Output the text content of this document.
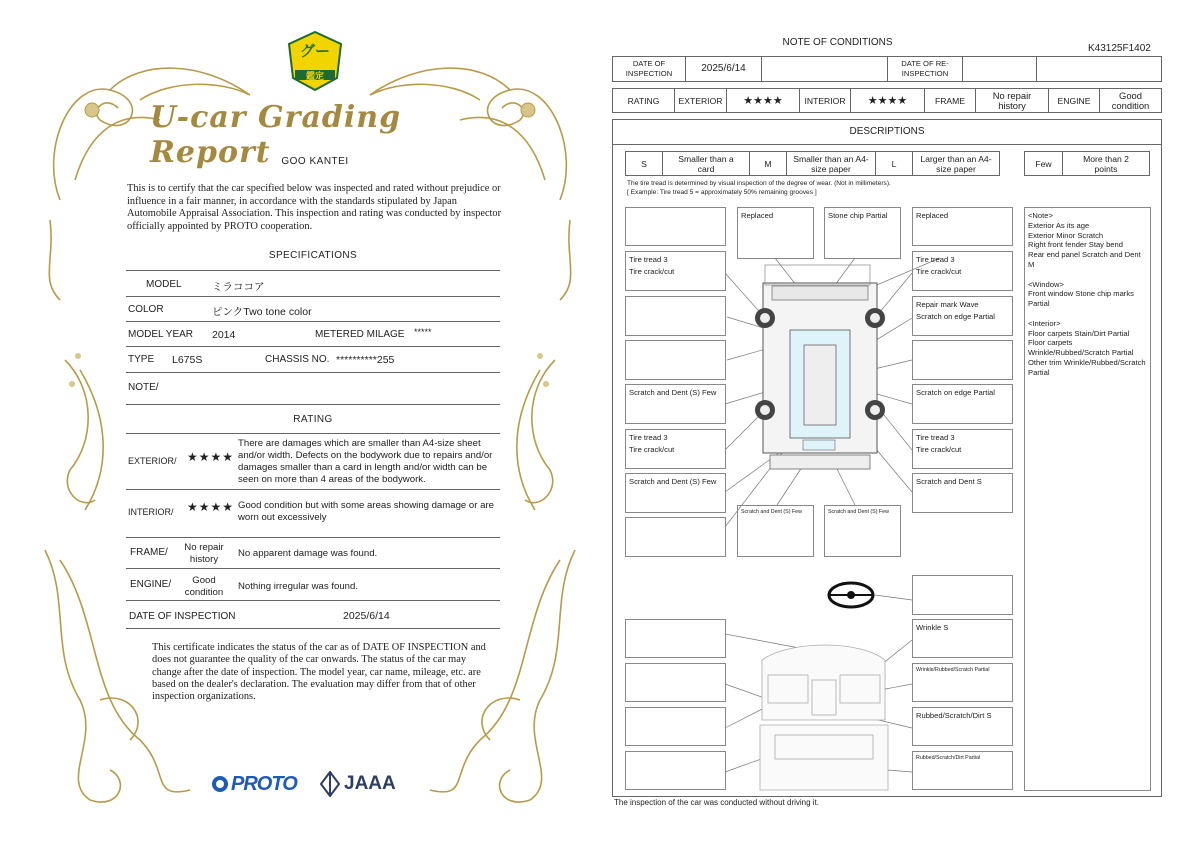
グー
鑑定
U-car Grading Report	GOO KANTEI
This is to certify that the car specified below was inspected and rated without prejudice or influence in a fair manner, in accordance with the standards stipulated by Japan Automobile Appraisal Association. This inspection and rating was conducted by inspector officially appointed by PROTO cooperation.
SPECIFICATIONS
MODEL	ミラココア
COLOR	ピンクTwo tone color
MODEL YEAR 2014	METERED MILAGE *****
TYPE L675S	CHASSIS NO. **********255
NOTE/
RATING
EXTERIOR/ ★★★★
There are damages which are smaller than A4-size sheet and/or width. Defects on the bodywork due to repairs and/or damages smaller than a card in length and/or width can be seen on more than 4 areas of the bodywork.
INTERIOR/ ★★★★ Good condition but with some areas showing damage or are worn out excessively
FRAME/	No repair history
No apparent damage was found.
ENGINE/	Good condition
Nothing irregular was found.
DATE OF INSPECTION	2025/6/14
This certificate indicates the status of the car as of DATE OF INSPECTION and does not guarantee the quality of the car onwards. The status of the car may change after the date of inspection. The model year, car name, mileage, etc. are based on the dealer's declaration. The evaluation may differ from that of other inspection organizations.
PROTO JAAA
NOTE OF CONDITIONS
K43125F1402
DATE OF INSPECTION	2025/6/14	DATE OF RE-INSPECTION
RATING	EXTERIOR	★★★★	INTERIOR	★★★★	FRAME	No repair history	ENGINE	Good condition
DESCRIPTIONS
S	Smaller than a card	M	Smaller than an A4-size paper	L	Larger than an A4-size paper	Few	More than 2 points
The tire tread is determined by visual inspection of the degree of wear. (Not in millimeters).
[ Example: Tire tread 5 = approximately 50% remaining grooves ]
Replaced	Stone chip Partial	Replaced
Tire tread 3
Tire crack/cut
Tire tread 3
Tire crack/cut
Repair mark Wave
Scratch on edge Partial
Scratch and Dent (S) Few	Scratch on edge Partial
Tire tread 3
Tire crack/cut
Tire tread 3
Tire crack/cut
Scratch and Dent (S) Few	Scratch and Dent S
Scratch and Dent (S) Few	Scratch and Dent (S) Few
Wrinkle S
Wrinkle/Rubbed/Scratch Partial
Rubbed/Scratch/Dirt S
Rubbed/Scratch/Dirt Partial
<Note>
Exterior As its age
Exterior Minor Scratch
Right front fender Stay bend
Rear end panel Scratch and Dent M

<Window>
Front window Stone chip marks Partial

<Interior>
Floor carpets Stain/Dirt Partial
Floor carpets Wrinkle/Rubbed/Scratch Partial
Other trim Wrinkle/Rubbed/Scratch Partial
The inspection of the car was conducted without driving it.
